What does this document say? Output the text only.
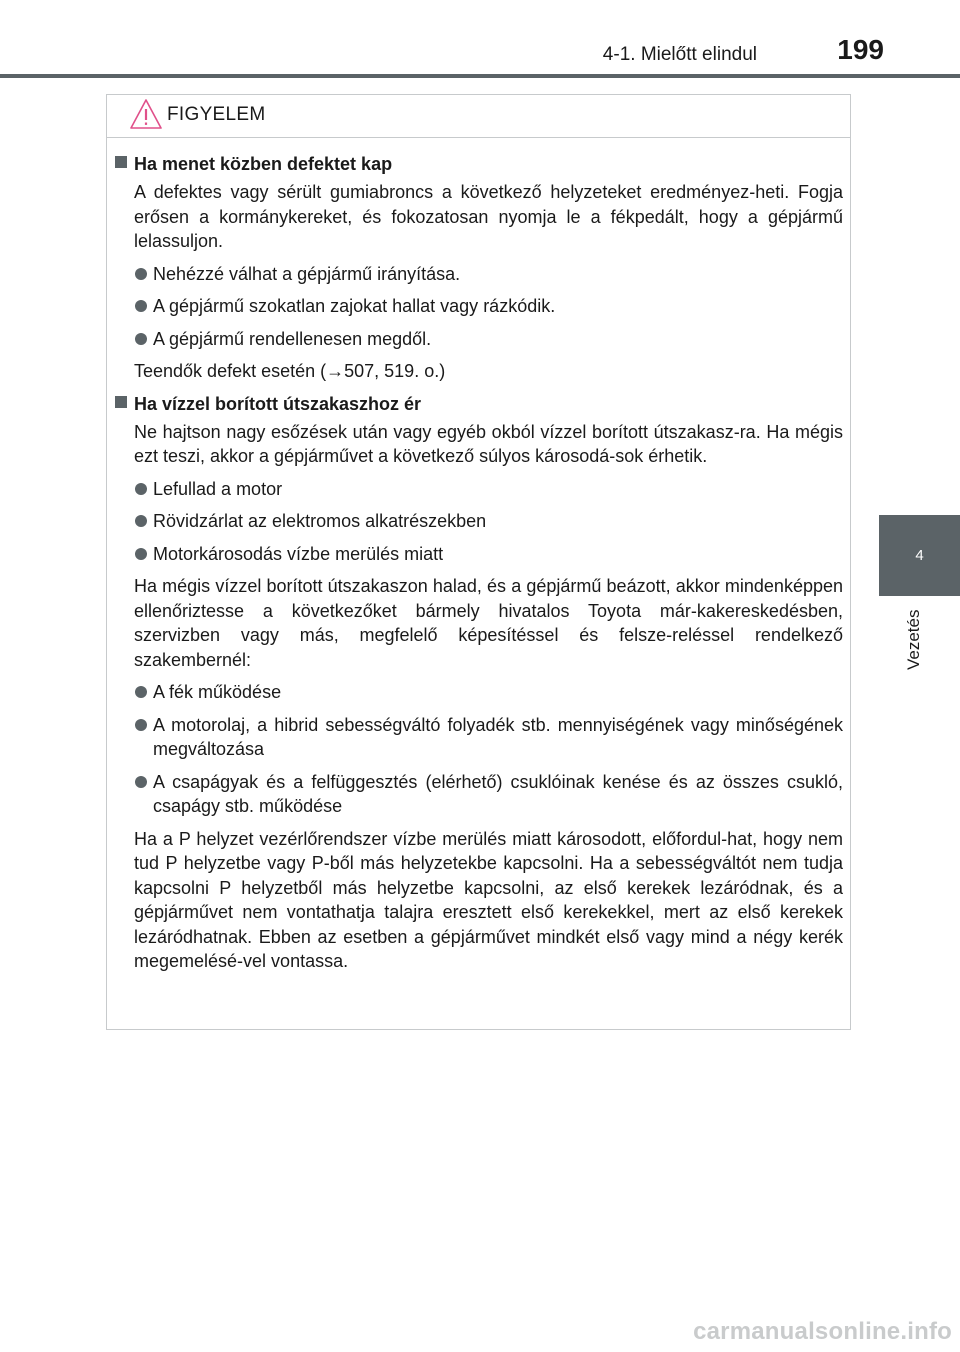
4-1. Mielőtt elindul	199
4
Vezetés
FIGYELEM
Ha menet közben defektet kap
A defektes vagy sérült gumiabroncs a következő helyzeteket eredményez-heti. Fogja erősen a kormánykereket, és fokozatosan nyomja le a fékpedált, hogy a gépjármű lelassuljon.
Nehézzé válhat a gépjármű irányítása.
A gépjármű szokatlan zajokat hallat vagy rázkódik.
A gépjármű rendellenesen megdől.
Teendők defekt esetén (→507, 519. o.)
Ha vízzel borított útszakaszhoz ér
Ne hajtson nagy esőzések után vagy egyéb okból vízzel borított útszakasz-ra. Ha mégis ezt teszi, akkor a gépjárművet a következő súlyos károsodá-sok érhetik.
Lefullad a motor
Rövidzárlat az elektromos alkatrészekben
Motorkárosodás vízbe merülés miatt
Ha mégis vízzel borított útszakaszon halad, és a gépjármű beázott, akkor mindenképpen ellenőriztesse a következőket bármely hivatalos Toyota már-kakereskedésben, szervizben vagy más, megfelelő képesítéssel és felsze-reléssel rendelkező szakembernél:
A fék működése
A motorolaj, a hibrid sebességváltó folyadék stb. mennyiségének vagy minőségének megváltozása
A csapágyak és a felfüggesztés (elérhető) csuklóinak kenése és az összes csukló, csapágy stb. működése
Ha a P helyzet vezérlőrendszer vízbe merülés miatt károsodott, előfordul-hat, hogy nem tud P helyzetbe vagy P-ből más helyzetekbe kapcsolni. Ha a sebességváltót nem tudja kapcsolni P helyzetből más helyzetbe kapcsolni, az első kerekek lezáródnak, és a gépjárművet nem vontathatja talajra eresztett első kerekekkel, mert az első kerekek lezáródhatnak. Ebben az esetben a gépjárművet mindkét első vagy mind a négy kerék megemelésé-vel vontassa.
carmanualsonline.info
